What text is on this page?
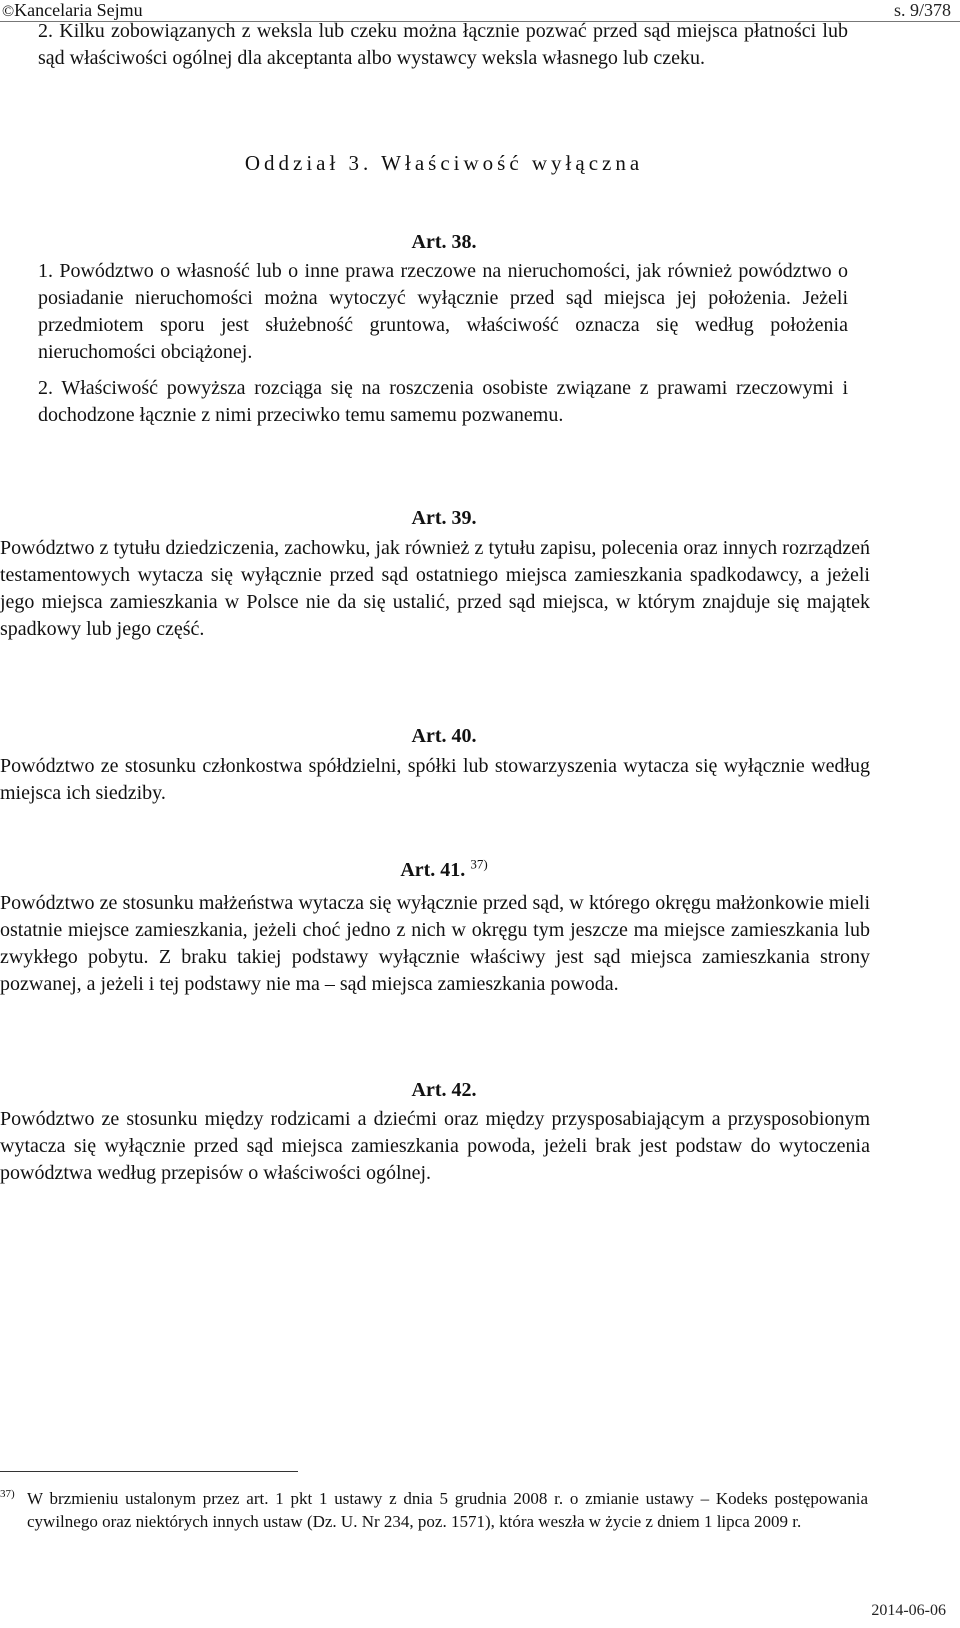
©Kancelaria Sejmu	s. 9/378
2. Kilku zobowiązanych z weksla lub czeku można łącznie pozwać przed sąd miejsca płatności lub sąd właściwości ogólnej dla akceptanta albo wystawcy weksla własnego lub czeku.
Oddział 3. Właściwość wyłączna
Art. 38.
1. Powództwo o własność lub o inne prawa rzeczowe na nieruchomości, jak również powództwo o posiadanie nieruchomości można wytoczyć wyłącznie przed sąd miejsca jej położenia. Jeżeli przedmiotem sporu jest służebność gruntowa, właściwość oznacza się według położenia nieruchomości obciążonej.
2. Właściwość powyższa rozciąga się na roszczenia osobiste związane z prawami rzeczowymi i dochodzone łącznie z nimi przeciwko temu samemu pozwanemu.
Art. 39.
Powództwo z tytułu dziedziczenia, zachowku, jak również z tytułu zapisu, polecenia oraz innych rozrządzeń testamentowych wytacza się wyłącznie przed sąd ostatniego miejsca zamieszkania spadkodawcy, a jeżeli jego miejsca zamieszkania w Polsce nie da się ustalić, przed sąd miejsca, w którym znajduje się majątek spadkowy lub jego część.
Art. 40.
Powództwo ze stosunku członkostwa spółdzielni, spółki lub stowarzyszenia wytacza się wyłącznie według miejsca ich siedziby.
Art. 41. $^{37)}$
Powództwo ze stosunku małżeństwa wytacza się wyłącznie przed sąd, w którego okręgu małżonkowie mieli ostatnie miejsce zamieszkania, jeżeli choć jedno z nich w okręgu tym jeszcze ma miejsce zamieszkania lub zwykłego pobytu. Z braku takiej podstawy wyłącznie właściwy jest sąd miejsca zamieszkania strony pozwanej, a jeżeli i tej podstawy nie ma – sąd miejsca zamieszkania powoda.
Art. 42.
Powództwo ze stosunku między rodzicami a dziećmi oraz między przysposabiającym a przysposobionym wytacza się wyłącznie przed sąd miejsca zamieszkania powoda, jeżeli brak jest podstaw do wytoczenia powództwa według przepisów o właściwości ogólnej.
37) W brzmieniu ustalonym przez art. 1 pkt 1 ustawy z dnia 5 grudnia 2008 r. o zmianie ustawy – Kodeks postępowania cywilnego oraz niektórych innych ustaw (Dz. U. Nr 234, poz. 1571), która weszła w życie z dniem 1 lipca 2009 r.
2014-06-06
